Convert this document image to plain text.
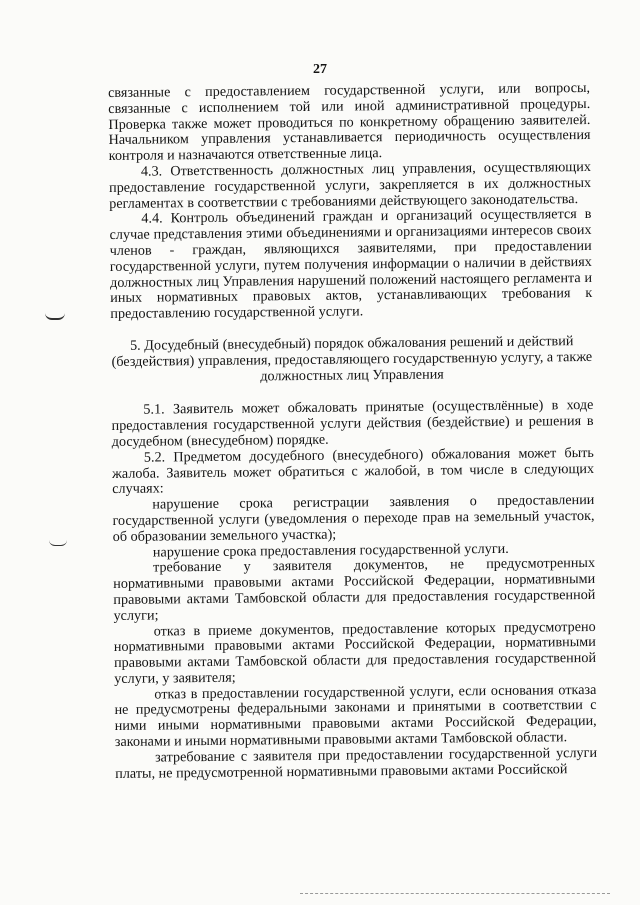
27

связанные с предоставлением государственной услуги, или вопросы, связанные с исполнением той или иной административной процедуры. Проверка также может проводиться по конкретному обращению заявителей. Начальником управления устанавливается периодичность осуществления контроля и назначаются ответственные лица.

4.3. Ответственность должностных лиц управления, осуществляющих предоставление государственной услуги, закрепляется в их должностных регламентах в соответствии с требованиями действующего законодательства.

4.4. Контроль объединений граждан и организаций осуществляется в случае представления этими объединениями и организациями интересов своих членов - граждан, являющихся заявителями, при предоставлении государственной услуги, путем получения информации о наличии в действиях должностных лиц Управления нарушений положений настоящего регламента и иных нормативных правовых актов, устанавливающих требования к предоставлению государственной услуги.

5. Досудебный (внесудебный) порядок обжалования решений и действий (бездействия) управления, предоставляющего государственную услугу, а также должностных лиц Управления

5.1. Заявитель может обжаловать принятые (осуществлённые) в ходе предоставления государственной услуги действия (бездействие) и решения в досудебном (внесудебном) порядке.

5.2. Предметом досудебного (внесудебного) обжалования может быть жалоба. Заявитель может обратиться с жалобой, в том числе в следующих случаях:

нарушение срока регистрации заявления о предоставлении государственной услуги (уведомления о переходе прав на земельный участок, об образовании земельного участка);

нарушение срока предоставления государственной услуги.

требование у заявителя документов, не предусмотренных нормативными правовыми актами Российской Федерации, нормативными правовыми актами Тамбовской области для предоставления государственной услуги;

отказ в приеме документов, предоставление которых предусмотрено нормативными правовыми актами Российской Федерации, нормативными правовыми актами Тамбовской области для предоставления государственной услуги, у заявителя;

отказ в предоставлении государственной услуги, если основания отказа не предусмотрены федеральными законами и принятыми в соответствии с ними иными нормативными правовыми актами Российской Федерации, законами и иными нормативными правовыми актами Тамбовской области.

затребование с заявителя при предоставлении государственной услуги платы, не предусмотренной нормативными правовыми актами Российской
